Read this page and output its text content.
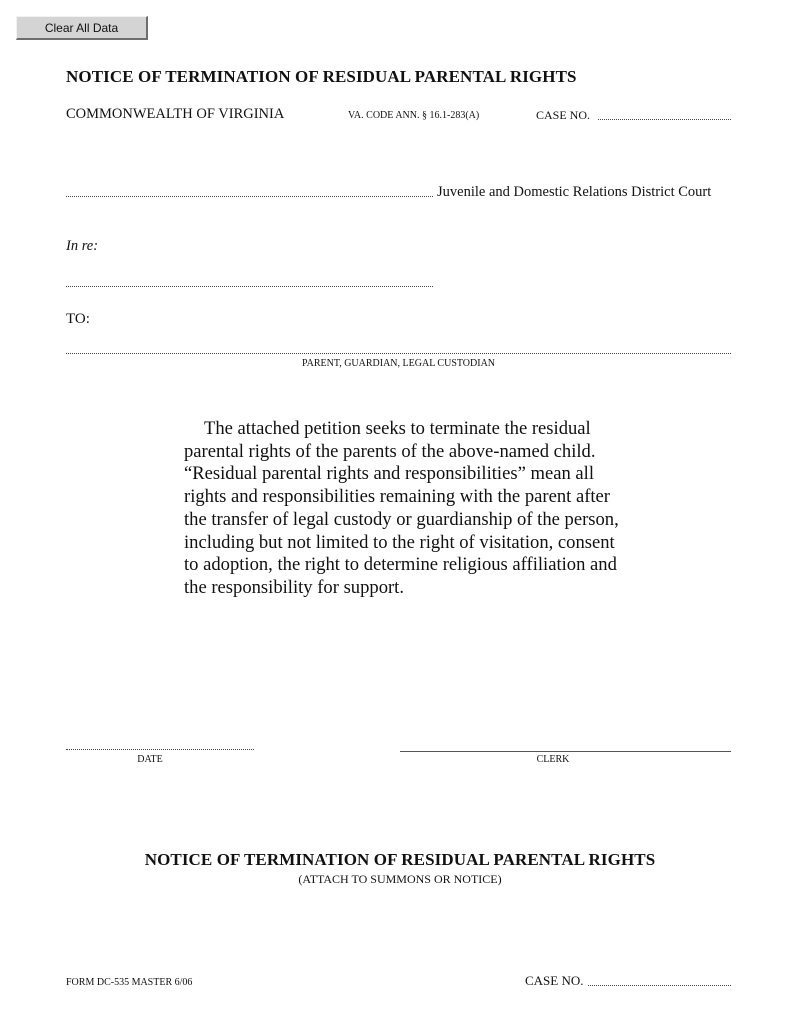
Clear All Data
NOTICE OF TERMINATION OF RESIDUAL PARENTAL RIGHTS
COMMONWEALTH OF VIRGINIA	VA. CODE ANN. § 16.1-283(A)	CASE NO.
Juvenile and Domestic Relations District Court
In re:
TO:
PARENT, GUARDIAN, LEGAL CUSTODIAN

The attached petition seeks to terminate the residual parental rights of the parents of the above-named child. “Residual parental rights and responsibilities” mean all rights and responsibilities remaining with the parent after the transfer of legal custody or guardianship of the person, including but not limited to the right of visitation, consent to adoption, the right to determine religious affiliation and the responsibility for support.

DATE	CLERK
NOTICE OF TERMINATION OF RESIDUAL PARENTAL RIGHTS
(ATTACH TO SUMMONS OR NOTICE)
FORM DC-535 MASTER 6/06	CASE NO.
